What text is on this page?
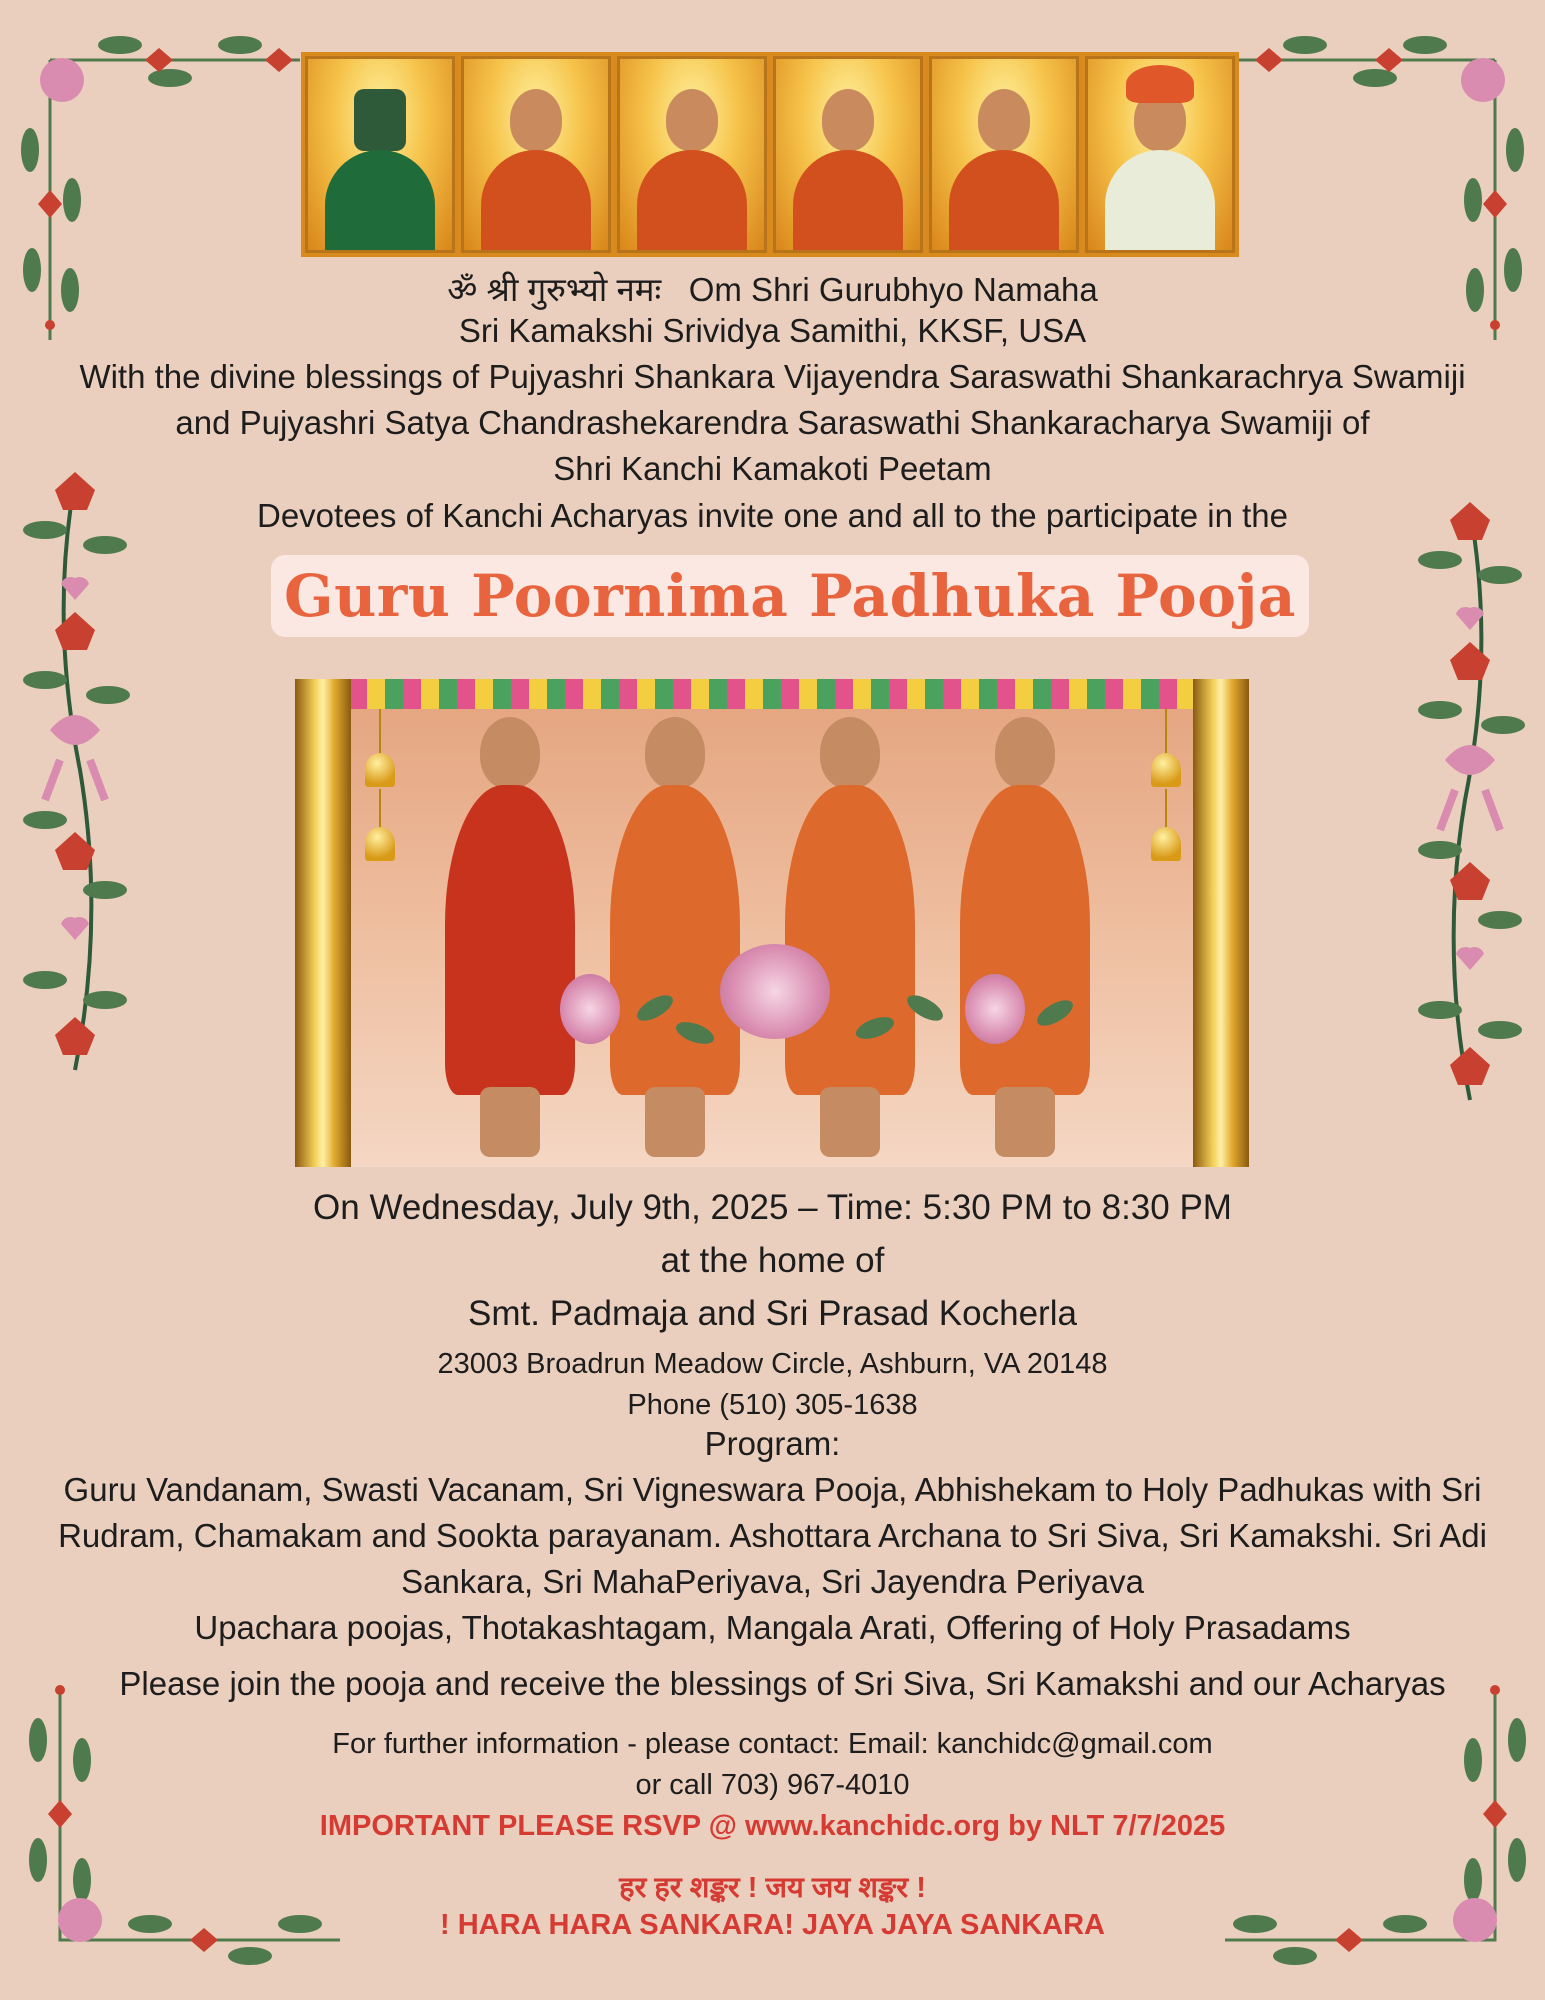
ॐ श्री गुरुभ्यो नमः Om Shri Gurubhyo Namaha
Sri Kamakshi Srividya Samithi, KKSF, USA
With the divine blessings of Pujyashri Shankara Vijayendra Saraswathi Shankarachrya Swamiji
and Pujyashri Satya Chandrashekarendra Saraswathi Shankaracharya Swamiji of
Shri Kanchi Kamakoti Peetam
Devotees of Kanchi Acharyas invite one and all to the participate in the
Guru Poornima Padhuka Pooja
On Wednesday, July 9th, 2025 – Time: 5:30 PM to 8:30 PM
at the home of
Smt. Padmaja and Sri Prasad Kocherla
23003 Broadrun Meadow Circle, Ashburn, VA 20148
Phone (510) 305-1638
Program:
Guru Vandanam, Swasti Vacanam, Sri Vigneswara Pooja, Abhishekam to Holy Padhukas with Sri
Rudram, Chamakam and Sookta parayanam. Ashottara Archana to Sri Siva, Sri Kamakshi. Sri Adi
Sankara, Sri MahaPeriyava, Sri Jayendra Periyava
Upachara poojas, Thotakashtagam, Mangala Arati, Offering of Holy Prasadams
Please join the pooja and receive the blessings of Sri Siva, Sri Kamakshi and our Acharyas
For further information - please contact: Email: kanchidc@gmail.com
or call 703) 967-4010
IMPORTANT PLEASE RSVP @ www.kanchidc.org by NLT 7/7/2025
हर हर शङ्कर ! जय जय शङ्कर !
! HARA HARA SANKARA! JAYA JAYA SANKARA
